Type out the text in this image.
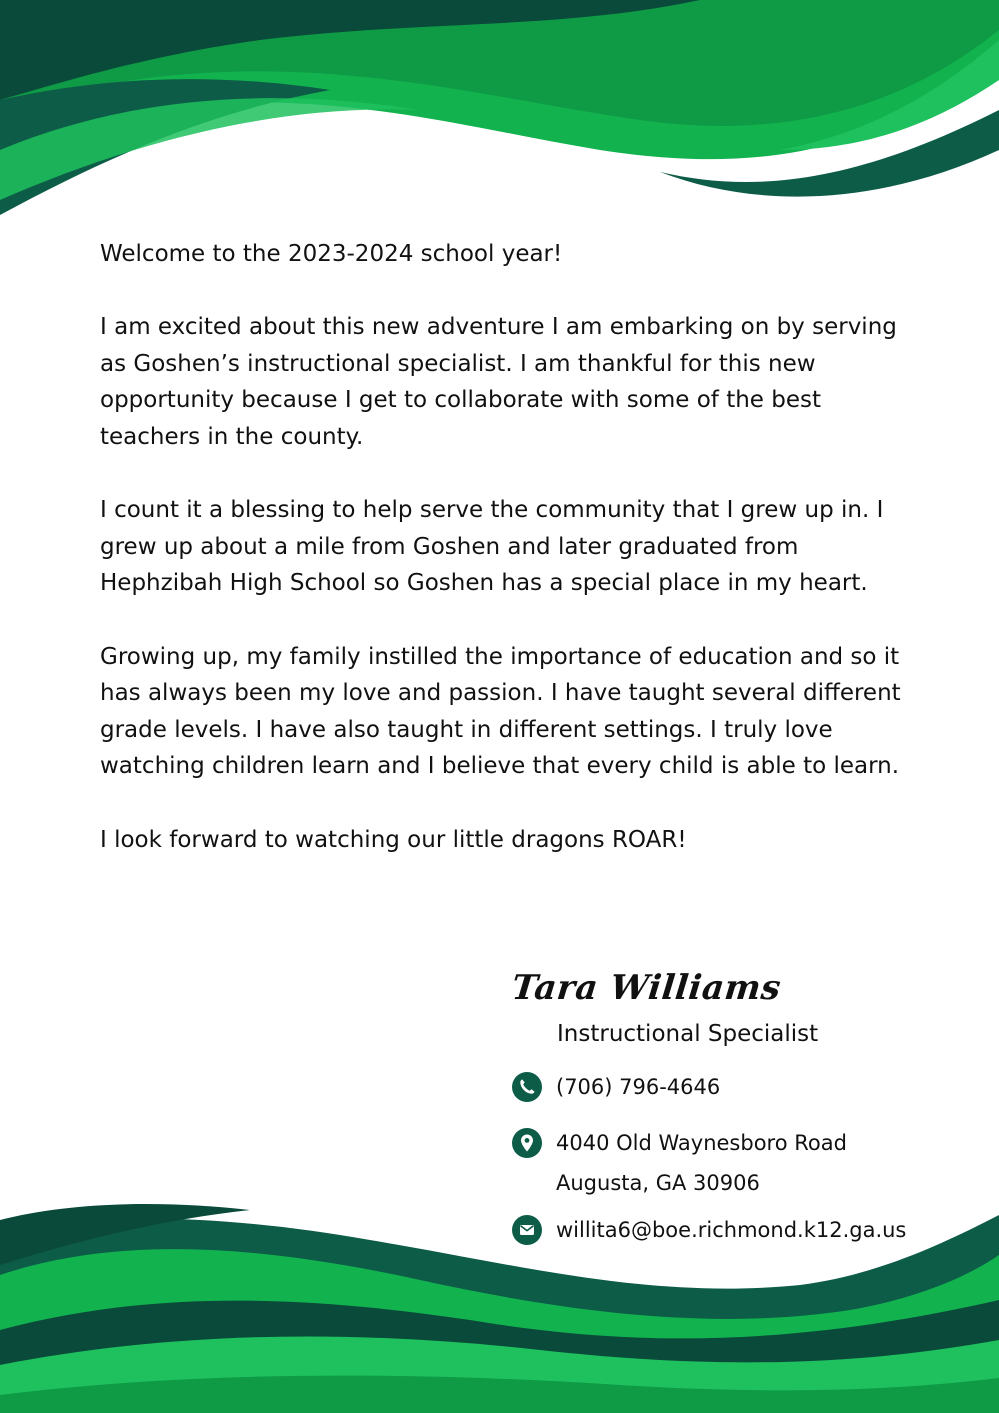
Welcome to the 2023-2024 school year!

I am excited about this new adventure I am embarking on by serving as Goshen’s instructional specialist. I am thankful for this new opportunity because I get to collaborate with some of the best teachers in the county.

I count it a blessing to help serve the community that I grew up in. I grew up about a mile from Goshen and later graduated from Hephzibah High School so Goshen has a special place in my heart.

Growing up, my family instilled the importance of education and so it has always been my love and passion. I have taught several different grade levels. I have also taught in different settings. I truly love watching children learn and I believe that every child is able to learn.

I look forward to watching our little dragons ROAR!

Tara Williams
Instructional Specialist
(706) 796-4646
4040 Old Waynesboro Road
Augusta, GA 30906
willita6@boe.richmond.k12.ga.us
